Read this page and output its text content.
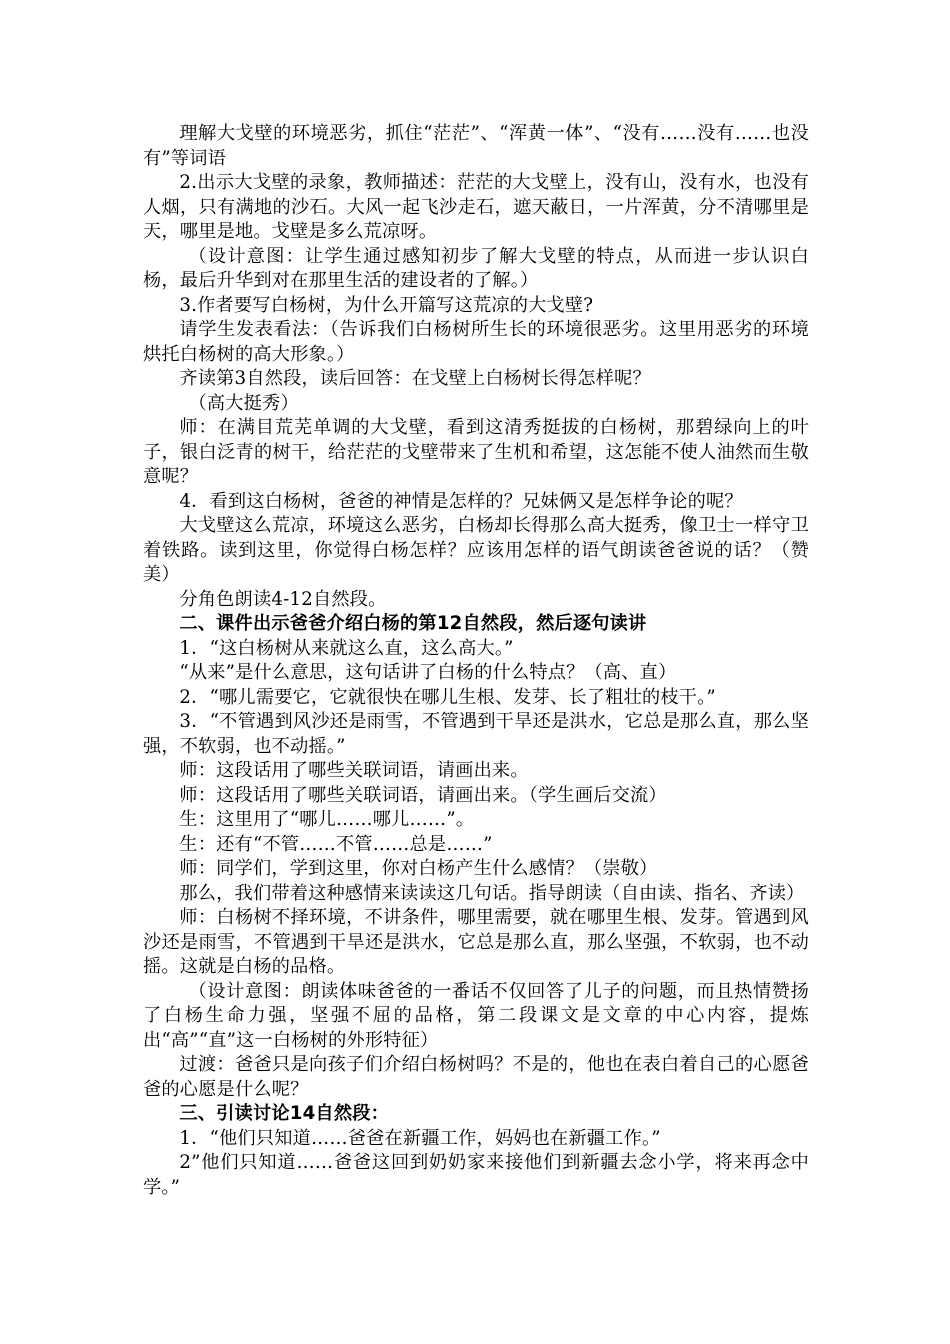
理解大戈壁的环境恶劣，抓住“茫茫”、“浑黄一体”、“没有……没有……也没有”等词语

2.出示大戈壁的录象，教师描述：茫茫的大戈壁上，没有山，没有水，也没有人烟，只有满地的沙石。大风一起飞沙走石，遮天蔽日，一片浑黄，分不清哪里是天，哪里是地。戈壁是多么荒凉呀。

（设计意图：让学生通过感知初步了解大戈壁的特点，从而进一步认识白杨，最后升华到对在那里生活的建设者的了解。）

3.作者要写白杨树，为什么开篇写这荒凉的大戈壁?

请学生发表看法：（告诉我们白杨树所生长的环境很恶劣。这里用恶劣的环境烘托白杨树的高大形象。）

齐读第3自然段，读后回答：在戈壁上白杨树长得怎样呢？

（高大挺秀）

师：在满目荒芜单调的大戈壁，看到这清秀挺拔的白杨树，那碧绿向上的叶子，银白泛青的树干，给茫茫的戈壁带来了生机和希望，这怎能不使人油然而生敬意呢？

4．看到这白杨树，爸爸的神情是怎样的？兄妹俩又是怎样争论的呢？

大戈壁这么荒凉，环境这么恶劣，白杨却长得那么高大挺秀，像卫士一样守卫着铁路。读到这里，你觉得白杨怎样？应该用怎样的语气朗读爸爸说的话？（赞美）

分角色朗读4-12自然段。

二、课件出示爸爸介绍白杨的第12自然段，然后逐句读讲

1．“这白杨树从来就这么直，这么高大。”

“从来”是什么意思，这句话讲了白杨的什么特点？（高、直）

2．“哪儿需要它，它就很快在哪儿生根、发芽、长了粗壮的枝干。”

3．“不管遇到风沙还是雨雪，不管遇到干旱还是洪水，它总是那么直，那么坚强，不软弱，也不动摇。”

师：这段话用了哪些关联词语，请画出来。

师：这段话用了哪些关联词语，请画出来。（学生画后交流）

生：这里用了“哪儿……哪儿……”。

生：还有“不管……不管……总是……”

师：同学们，学到这里，你对白杨产生什么感情？（崇敬）

那么，我们带着这种感情来读读这几句话。指导朗读（自由读、指名、齐读）

师：白杨树不择环境，不讲条件，哪里需要，就在哪里生根、发芽。管遇到风沙还是雨雪，不管遇到干旱还是洪水，它总是那么直，那么坚强，不软弱，也不动摇。这就是白杨的品格。

（设计意图：朗读体味爸爸的一番话不仅回答了儿子的问题，而且热情赞扬了白杨生命力强，坚强不屈的品格，第二段课文是文章的中心内容，提炼出“高”“直”这一白杨树的外形特征）

过渡：爸爸只是向孩子们介绍白杨树吗？不是的，他也在表白着自己的心愿爸爸的心愿是什么呢？

三、引读讨论14自然段：

1．“他们只知道……爸爸在新疆工作，妈妈也在新疆工作。”

2”他们只知道……爸爸这回到奶奶家来接他们到新疆去念小学，将来再念中学。”
